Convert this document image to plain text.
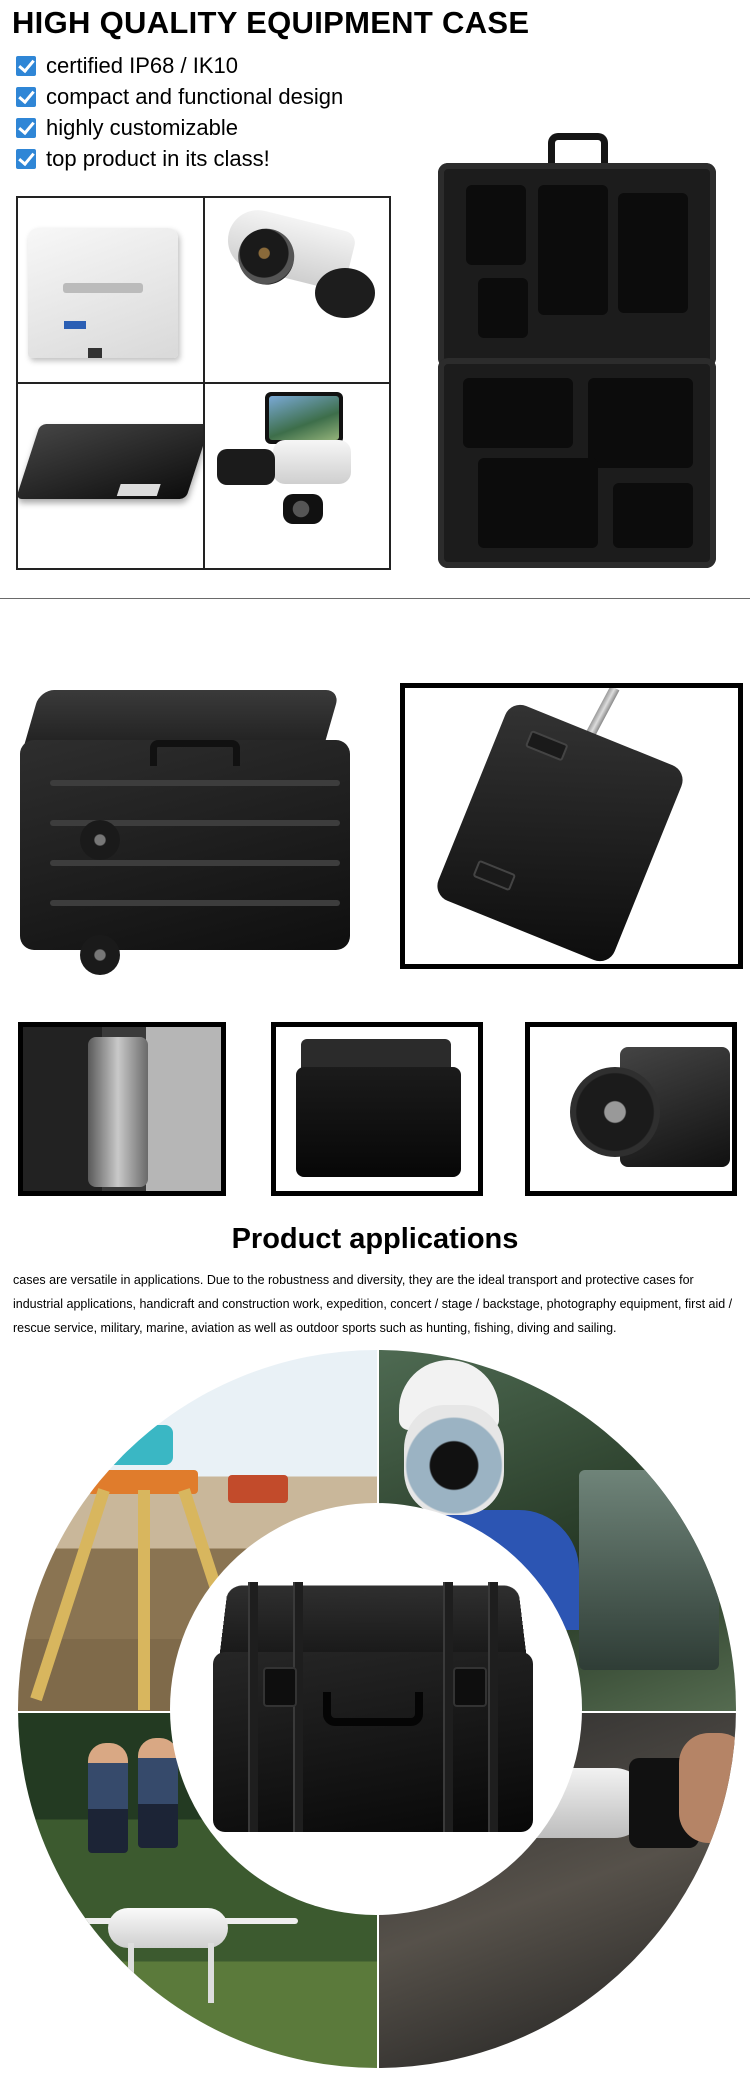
HIGH QUALITY EQUIPMENT CASE
certified IP68 / IK10
compact and functional design
highly customizable
top product in its class!
Product applications
cases are versatile in applications. Due to the robustness and diversity, they are the ideal transport and protective cases for industrial applications, handicraft and construction work, expedition, concert / stage / backstage, photography equipment, first aid / rescue service, military, marine, aviation as well as outdoor sports such as hunting, fishing, diving and sailing.
